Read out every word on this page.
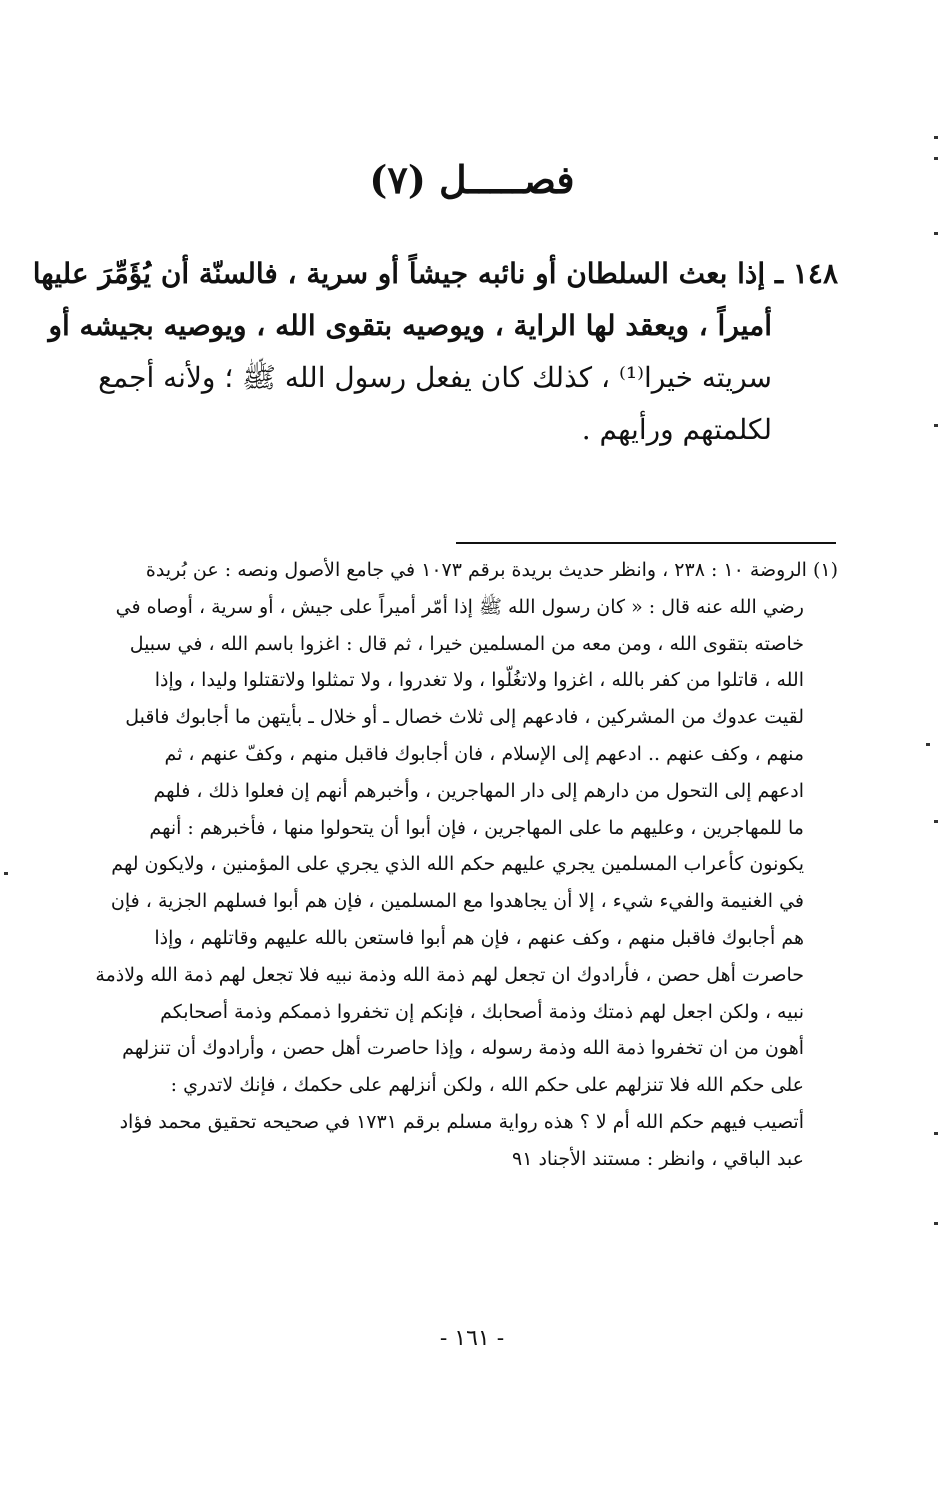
فصـــــل (٧)
١٤٨ ـ إذا بعث السلطان أو نائبه جيشاً أو سرية ، فالسنّة أن يُؤَمِّرَ عليها
أميراً ، ويعقد لها الراية ، ويوصيه بتقوى الله ، ويوصيه بجيشه أو
سريته خيرا⁽¹⁾ ، كذلك كان يفعل رسول الله ﷺ ؛ ولأنه أجمع
لكلمتهم ورأيهم .
(١) الروضة ١٠ : ٢٣٨ ، وانظر حديث بريدة برقم ١٠٧٣ في جامع الأصول ونصه : عن بُريدة
رضي الله عنه قال : « كان رسول الله ﷺ إذا أمّر أميراً على جيش ، أو سرية ، أوصاه في
خاصته بتقوى الله ، ومن معه من المسلمين خيرا ، ثم قال : اغزوا باسم الله ، في سبيل
الله ، قاتلوا من كفر بالله ، اغزوا ولاتغُلّوا ، ولا تغدروا ، ولا تمثلوا ولاتقتلوا وليدا ، وإذا
لقيت عدوك من المشركين ، فادعهم إلى ثلاث خصال ـ أو خلال ـ بأيتهن ما أجابوك فاقبل
منهم ، وكف عنهم .. ادعهم إلى الإسلام ، فان أجابوك فاقبل منهم ، وكفّ عنهم ، ثم
ادعهم إلى التحول من دارهم إلى دار المهاجرين ، وأخبرهم أنهم إن فعلوا ذلك ، فلهم
ما للمهاجرين ، وعليهم ما على المهاجرين ، فإن أبوا أن يتحولوا منها ، فأخبرهم : أنهم
يكونون كأعراب المسلمين يجري عليهم حكم الله الذي يجري على المؤمنين ، ولايكون لهم
في الغنيمة والفيء شيء ، إلا أن يجاهدوا مع المسلمين ، فإن هم أبوا فسلهم الجزية ، فإن
هم أجابوك فاقبل منهم ، وكف عنهم ، فإن هم أبوا فاستعن بالله عليهم وقاتلهم ، وإذا
حاصرت أهل حصن ، فأرادوك ان تجعل لهم ذمة الله وذمة نبيه فلا تجعل لهم ذمة الله ولاذمة
نبيه ، ولكن اجعل لهم ذمتك وذمة أصحابك ، فإنكم إن تخفروا ذممكم وذمة أصحابكم
أهون من ان تخفروا ذمة الله وذمة رسوله ، وإذا حاصرت أهل حصن ، وأرادوك أن تنزلهم
على حكم الله فلا تنزلهم على حكم الله ، ولكن أنزلهم على حكمك ، فإنك لاتدري :
أتصيب فيهم حكم الله أم لا ؟ هذه رواية مسلم برقم ١٧٣١ في صحيحه تحقيق محمد فؤاد
عبد الباقي ، وانظر : مستند الأجناد ٩١
- ١٦١ -
